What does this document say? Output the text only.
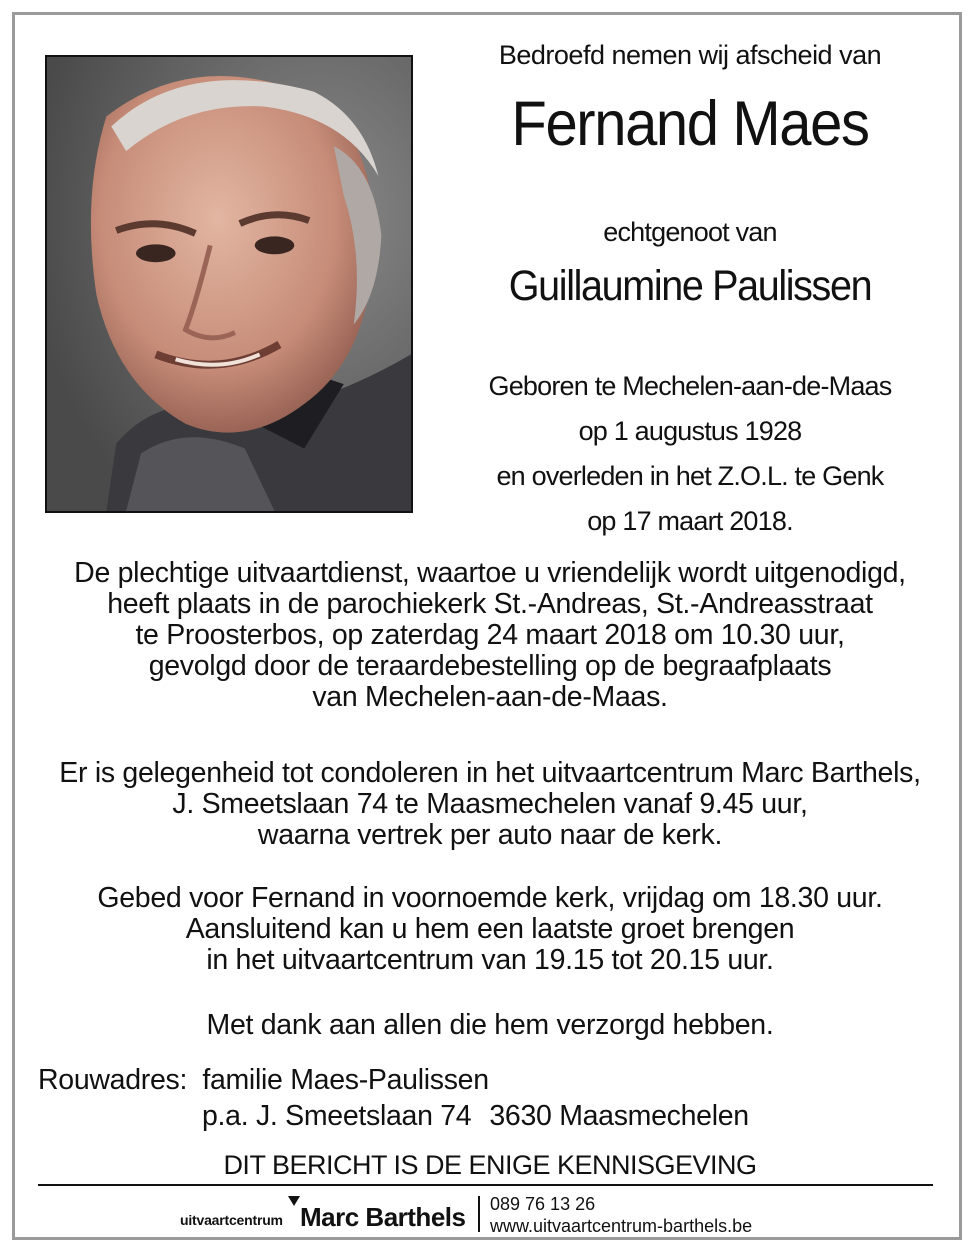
Bedroefd nemen wij afscheid van
Fernand Maes
echtgenoot van
Guillaumine Paulissen
Geboren te Mechelen-aan-de-Maas
op 1 augustus 1928
en overleden in het Z.O.L. te Genk
op 17 maart 2018.
De plechtige uitvaartdienst, waartoe u vriendelijk wordt uitgenodigd,
heeft plaats in de parochiekerk St.-Andreas, St.-Andreasstraat
te Proosterbos, op zaterdag 24 maart 2018 om 10.30 uur,
gevolgd door de teraardebestelling op de begraafplaats
van Mechelen-aan-de-Maas.
Er is gelegenheid tot condoleren in het uitvaartcentrum Marc Barthels,
J. Smeetslaan 74 te Maasmechelen vanaf 9.45 uur,
waarna vertrek per auto naar de kerk.
Gebed voor Fernand in voornoemde kerk, vrijdag om 18.30 uur.
Aansluitend kan u hem een laatste groet brengen
in het uitvaartcentrum van 19.15 tot 20.15 uur.
Met dank aan allen die hem verzorgd hebben.
Rouwadres: familie Maes-Paulissen
p.a. J. Smeetslaan 74 3630 Maasmechelen
DIT BERICHT IS DE ENIGE KENNISGEVING
uitvaartcentrum Marc Barthels 089 76 13 26
www.uitvaartcentrum-barthels.be
